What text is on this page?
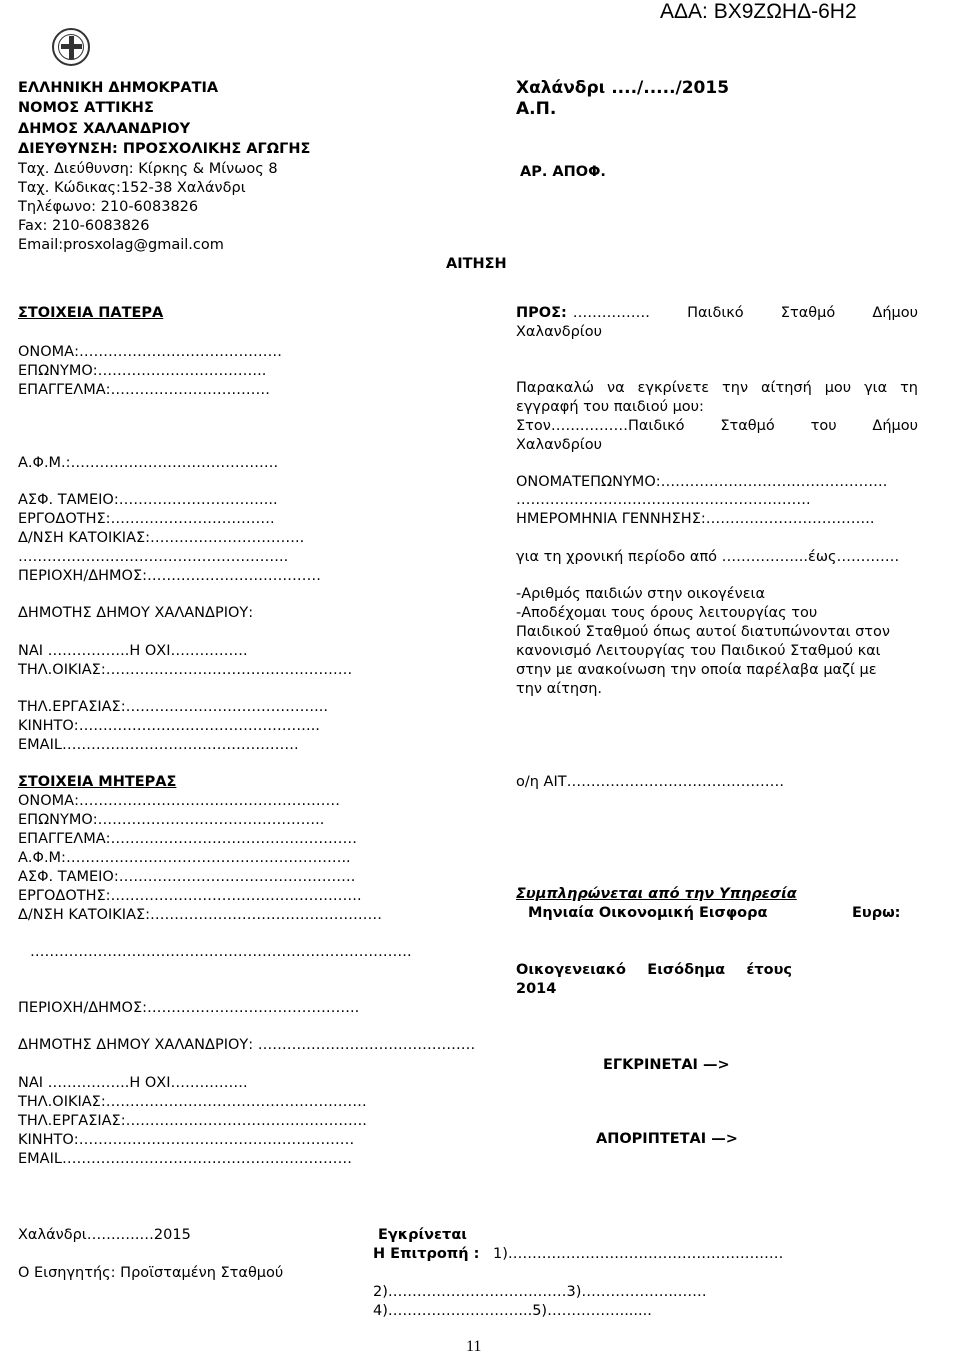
ΑΔΑ: ΒΧ9ΖΩΗΔ-6Η2
ΕΛΛΗΝΙΚΗ ΔΗΜΟΚΡΑΤΙΑ
ΝΟΜΟΣ ΑΤΤΙΚΗΣ
ΔΗΜΟΣ ΧΑΛΑΝΔΡΙΟΥ
ΔΙΕΥΘΥΝΣΗ: ΠΡΟΣΧΟΛΙΚΗΣ ΑΓΩΓΗΣ
Ταχ. Διεύθυνση: Κίρκης & Μίνωος 8
Ταχ. Κώδικας:152-38 Χαλάνδρι
Τηλέφωνο: 210-6083826
Fax: 210-6083826
Email:prosxolag@gmail.com
Χαλάνδρι ..../...../2015
Α.Π.
ΑΡ. ΑΠΟΦ.
ΑΙΤΗΣΗ
ΣΤΟΙΧΕΙΑ ΠΑΤΕΡΑ
ΟΝΟΜΑ:……………………………………
ΕΠΩΝΥΜΟ:……………………………..
ΕΠΑΓΓΕΛΜΑ:……………………………
Α.Φ.Μ.:…………………………………….
ΑΣΦ. ΤΑΜΕΙΟ:…………………………...
ΕΡΓΟΔΟΤΗΣ:…………………………….
Δ/ΝΣΗ ΚΑΤΟΙΚΙΑΣ:…………………………..
………………………………………………..
ΠΕΡΙΟΧΗ/ΔΗΜΟΣ:………………………………
ΔΗΜΟΤΗΣ ΔΗΜΟΥ ΧΑΛΑΝΔΡΙΟΥ:
ΝΑΙ ……………..Η ΟΧΙ…………….
ΤΗΛ.ΟΙΚΙΑΣ:……………………………………………
ΤΗΛ.ΕΡΓΑΣΙΑΣ:…………………………………...
ΚΙΝΗΤΟ:…………………………………………..
EMAIL………………………………………….
ΣΤΟΙΧΕΙΑ ΜΗΤΕΡΑΣ
ΟΝΟΜΑ:………………………………………………
ΕΠΩΝΥΜΟ:………………………………………..
ΕΠΑΓΓΕΛΜΑ:……………………………………………
Α.Φ.Μ:…………………………………………………..
ΑΣΦ. ΤΑΜΕΙΟ:………………………………………….
ΕΡΓΟΔΟΤΗΣ:…………………………………………….
Δ/ΝΣΗ ΚΑΤΟΙΚΙΑΣ:…………………………………………
…………………………………………………………………….
ΠΕΡΙΟΧΗ/ΔΗΜΟΣ:……………………………………..
ΔΗΜΟΤΗΣ ΔΗΜΟΥ ΧΑΛΑΝΔΡΙΟΥ: ………………………………………
ΝΑΙ ……………..Η ΟΧΙ…………….
ΤΗΛ.ΟΙΚΙΑΣ:………………………………………………
ΤΗΛ.ΕΡΓΑΣΙΑΣ:…………………………………………..
ΚΙΝΗΤΟ:…………………………………………………
EMAIL……………………………………………………
ΠΡΟΣ: ……………. Παιδικό Σταθμό Δήμου
Χαλανδρίου
Παρακαλώ να εγκρίνετε την αίτησή μου για τη
εγγραφή του παιδιού μου:
Στον…….………Παιδικό Σταθμό του Δήμου
Χαλανδρίου
ΟΝΟΜΑΤΕΠΩΝΥΜΟ:……………………….……………….
…………………………………………………….
ΗΜΕΡΟΜΗΝΙΑ ΓΕΝΝΗΣΗΣ:……………………………..
για τη χρονική περίοδο από ……………...έως………….
-Αριθμός παιδιών στην οικογένεια
-Αποδέχομαι τους όρους λειτουργίας του
Παιδικού Σταθμού όπως αυτοί διατυπώνονται στον
κανονισμό Λειτουργίας του Παιδικού Σταθμού και
στην με ανακοίνωση την οποία παρέλαβα μαζί με
την αίτηση.
ο/η ΑΙΤ………………………………………
Συμπληρώνεται από την Υπηρεσία
Μηνιαία Οικονομική Εισφορα	Ευρω:
Οικογενειακό Εισόδημα έτους
2014
ΕΓΚΡΙΝΕΤΑΙ —>
ΑΠΟΡΙΠΤΕΤΑΙ —>
Χαλάνδρι…….….…2015
Ο Εισηγητής: Προϊσταμένη Σταθμού
Εγκρίνεται
Η Επιτροπή : 1)…………………………………………………
2)………………………….……3)………………..……
4)………………………...5)…………….......
11
